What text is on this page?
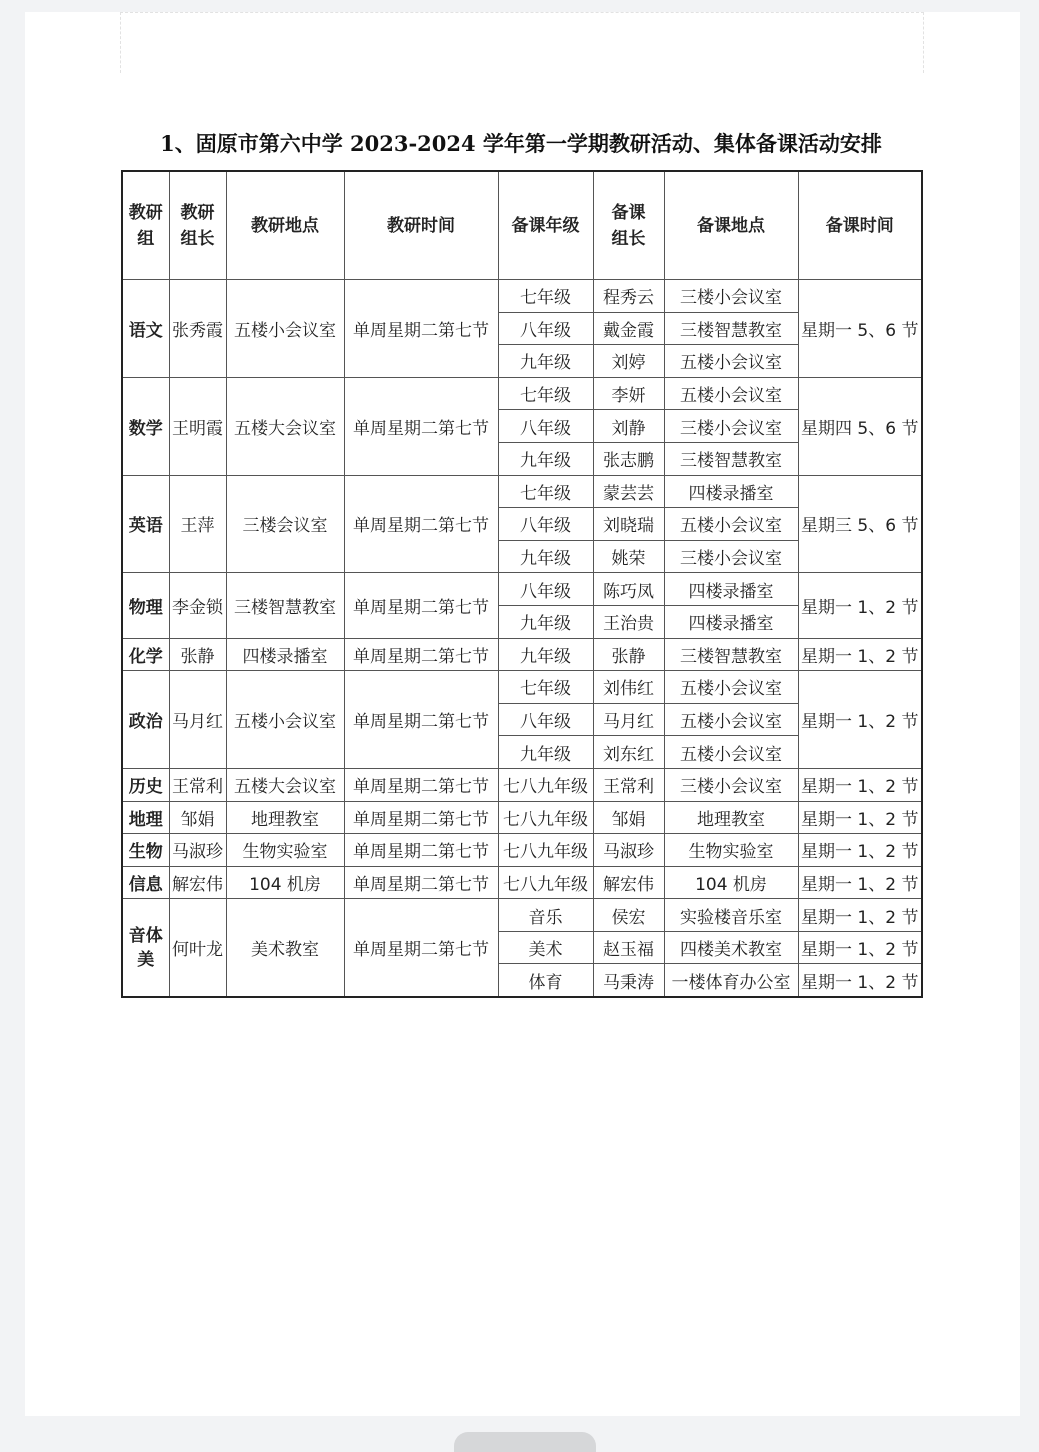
1、固原市第六中学 2023-2024 学年第一学期教研活动、集体备课活动安排
教研组	教研组长	教研地点	教研时间	备课年级	备课组长	备课地点	备课时间
语文	张秀霞	五楼小会议室	单周星期二第七节	七年级	程秀云	三楼小会议室	星期一 5、6 节
				八年级	戴金霞	三楼智慧教室	
				九年级	刘婷	五楼小会议室	
数学	王明霞	五楼大会议室	单周星期二第七节	七年级	李妍	五楼小会议室	星期四 5、6 节
				八年级	刘静	三楼小会议室	
				九年级	张志鹏	三楼智慧教室	
英语	王萍	三楼会议室	单周星期二第七节	七年级	蒙芸芸	四楼录播室	星期三 5、6 节
				八年级	刘晓瑞	五楼小会议室	
				九年级	姚荣	三楼小会议室	
物理	李金锁	三楼智慧教室	单周星期二第七节	八年级	陈巧凤	四楼录播室	星期一 1、2 节
				九年级	王治贵	四楼录播室	
化学	张静	四楼录播室	单周星期二第七节	九年级	张静	三楼智慧教室	星期一 1、2 节
政治	马月红	五楼小会议室	单周星期二第七节	七年级	刘伟红	五楼小会议室	星期一 1、2 节
				八年级	马月红	五楼小会议室	
				九年级	刘东红	五楼小会议室	
历史	王常利	五楼大会议室	单周星期二第七节	七八九年级	王常利	三楼小会议室	星期一 1、2 节
地理	邹娟	地理教室	单周星期二第七节	七八九年级	邹娟	地理教室	星期一 1、2 节
生物	马淑珍	生物实验室	单周星期二第七节	七八九年级	马淑珍	生物实验室	星期一 1、2 节
信息	解宏伟	104 机房	单周星期二第七节	七八九年级	解宏伟	104 机房	星期一 1、2 节
音体美	何叶龙	美术教室	单周星期二第七节	音乐	侯宏	实验楼音乐室	星期一 1、2 节
				美术	赵玉福	四楼美术教室	星期一 1、2 节
				体育	马秉涛	一楼体育办公室	星期一 1、2 节
